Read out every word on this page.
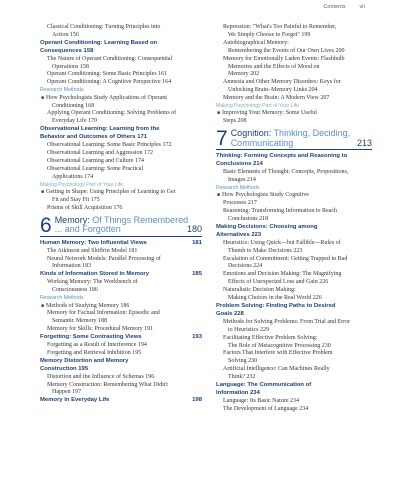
Contents	vii
Classical Conditioning: Turning Principles into
Action 156
Operant Conditioning: Learning Based on
Consequences 158
The Nature of Operant Conditioning: Consequential
Operations 158
Operant Conditioning: Some Basic Principles 161
Operant Conditioning: A Cognitive Perspective 164
Research Methods
■ How Psychologists Study Applications of Operant
Conditioning 168
Applying Operant Conditioning: Solving Problems of
Everyday Life 170
Observational Learning: Learning from the
Behavior and Outcomes of Others 171
Observational Learning: Some Basic Principles 172
Observational Learning and Aggression 172
Observational Learning and Culture 174
Observational Learning: Some Practical
Applications 174
Making Psychology Part of Your Life
■ Getting in Shape: Using Principles of Learning to Get
Fit and Stay Fit 175
Prisms of Skill Acquisition 176
6 Memory: Of Things Remembered
... and Forgotten	180
Human Memory: Two Influential Views	181
The Atkinson and Shiffrin Model 181
Neural Network Models: Parallel Processing of
Information 183
Kinds of Information Stored in Memory	185
Working Memory: The Workbench of
Consciousness 186
Research Methods
■ Methods of Studying Memory 186
Memory for Factual Information: Episodic and
Semantic Memory 188
Memory for Skills: Procedural Memory 191
Forgetting: Some Contrasting Views	193
Forgetting as a Result of Interference 194
Forgetting and Retrieval Inhibition 195
Memory Distortion and Memory
Construction 195
Distortion and the Influence of Schemas 196
Memory Construction: Remembering What Didn't
Happen 197
Memory in Everyday Life	198
Repression: "What's Too Painful to Remember,
We Simply Choose to Forget" 199
Autobiographical Memory:
Remembering the Events of Our Own Lives 200
Memory for Emotionally Laden Events: Flashbulb
Memories and the Effects of Mood on
Memory 202
Amnesia and Other Memory Disorders: Keys for
Unlocking Brain–Memory Links 204
Memory and the Brain: A Modern View 207
Making Psychology Part of Your Life
■ Improving Your Memory: Some Useful
Steps 208
7 Cognition: Thinking, Deciding,
Communicating	213
Thinking: Forming Concepts and Reasoning to
Conclusions 214
Basic Elements of Thought: Concepts, Propositions,
Images 214
Research Methods
■ How Psychologists Study Cognitive
Processes 217
Reasoning: Transforming Information to Reach
Conclusions 218
Making Decisions: Choosing among
Alternatives 223
Heuristics: Using Quick—but Fallible—Rules of
Thumb to Make Decisions 223
Escalation of Commitment: Getting Trapped in Bad
Decisions 224
Emotions and Decision Making: The Magnifying
Effects of Unexpected Loss and Gain 226
Naturalistic Decision Making:
Making Choices in the Real World 226
Problem Solving: Finding Paths to Desired
Goals 228
Methods for Solving Problems: From Trial and Error
to Heuristics 229
Facilitating Effective Problem Solving:
The Role of Metacognitive Processing 230
Factors That Interfere with Effective Problem
Solving 230
Artificial Intelligence: Can Machines Really
Think? 232
Language: The Communication of
Information 234
Language: Its Basic Nature 234
The Development of Language 234
